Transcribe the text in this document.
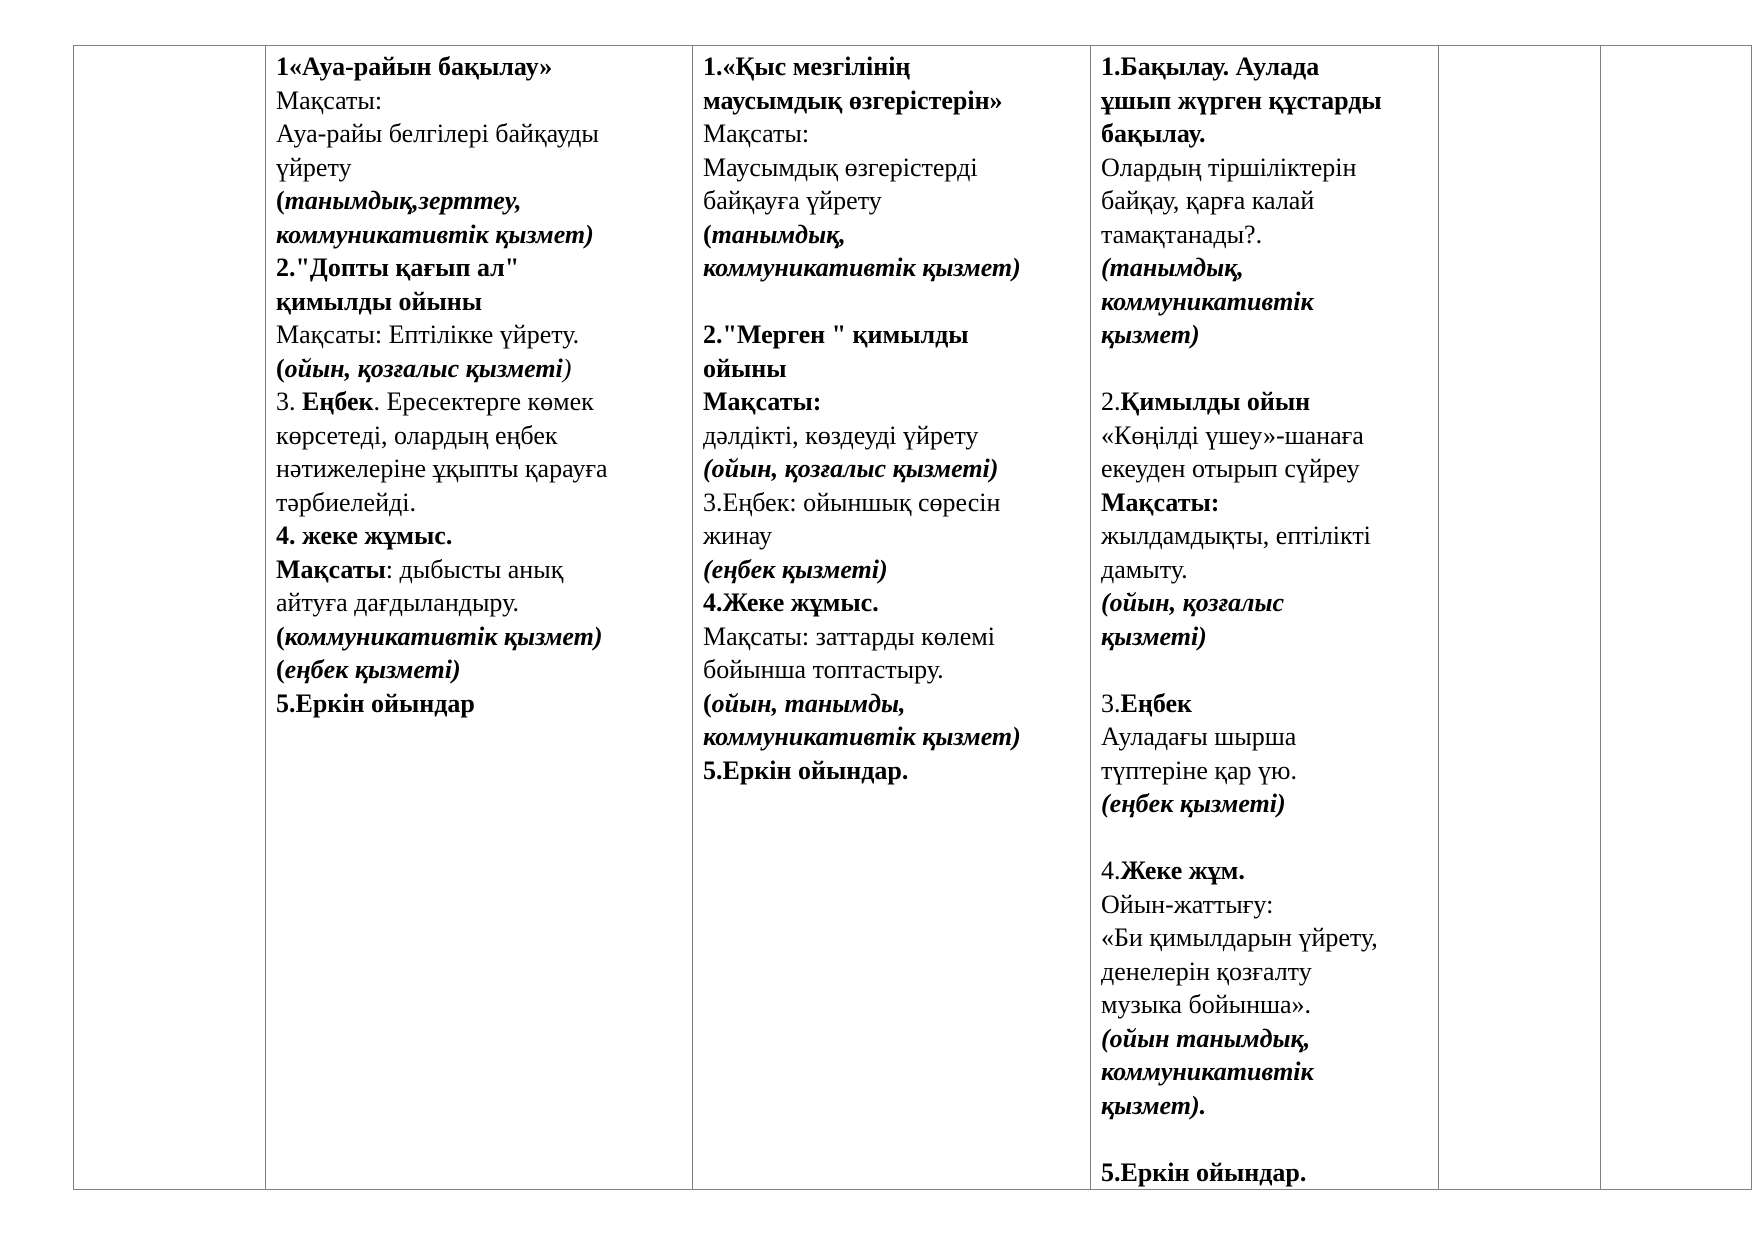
1«Ауа-райын бақылау»
Мақсаты:
Ауа-райы белгілері байқауды
үйрету
(танымдық,зерттеу,
коммуникативтік қызмет)
2."Допты қағып ал"
қимылды ойыны
Мақсаты: Ептілікке үйрету.
(ойын, қозғалыс қызметі)
3. Еңбек. Ересектерге көмек
көрсетеді, олардың еңбек
нәтижелеріне ұқыпты қарауға
тәрбиелейді.
4. жеке жұмыс.
Мақсаты: дыбысты анық
айтуға дағдыландыру.
(коммуникативтік қызмет)
(еңбек қызметі)
5.Еркін ойындар

1.«Қыс мезгілінің
маусымдық өзгерістерін»
Мақсаты:
Маусымдық өзгерістерді
байқауға үйрету
(танымдық,
коммуникативтік қызмет)
2."Мерген " қимылды
ойыны
Мақсаты:
дәлдікті, көздеуді үйрету
(ойын, қозғалыс қызметі)
3.Еңбек: ойыншық сөресін
жинау
(еңбек қызметі)
4.Жеке жұмыс.
Мақсаты: заттарды көлемі
бойынша топтастыру.
(ойын, танымды,
коммуникативтік қызмет)
5.Еркін ойындар.

1.Бақылау. Аулада
ұшып жүрген құстарды
бақылау.
Олардың тіршіліктерін
байқау, қарға калай
тамақтанады?.
(танымдық,
коммуникативтік
қызмет)
2.Қимылды ойын
«Көңілді үшеу»-шанаға
екеуден отырып сүйреу
Мақсаты:
жылдамдықты, ептілікті
дамыту.
(ойын, қозғалыс
қызметі)
3.Еңбек
Ауладағы шырша
түптеріне қар үю.
(еңбек қызметі)
4.Жеке жұм.
Ойын-жаттығу:
«Би қимылдарын үйрету,
денелерін қозғалту
музыка бойынша».
(ойын танымдық,
коммуникативтік
қызмет).
5.Еркін ойындар.
